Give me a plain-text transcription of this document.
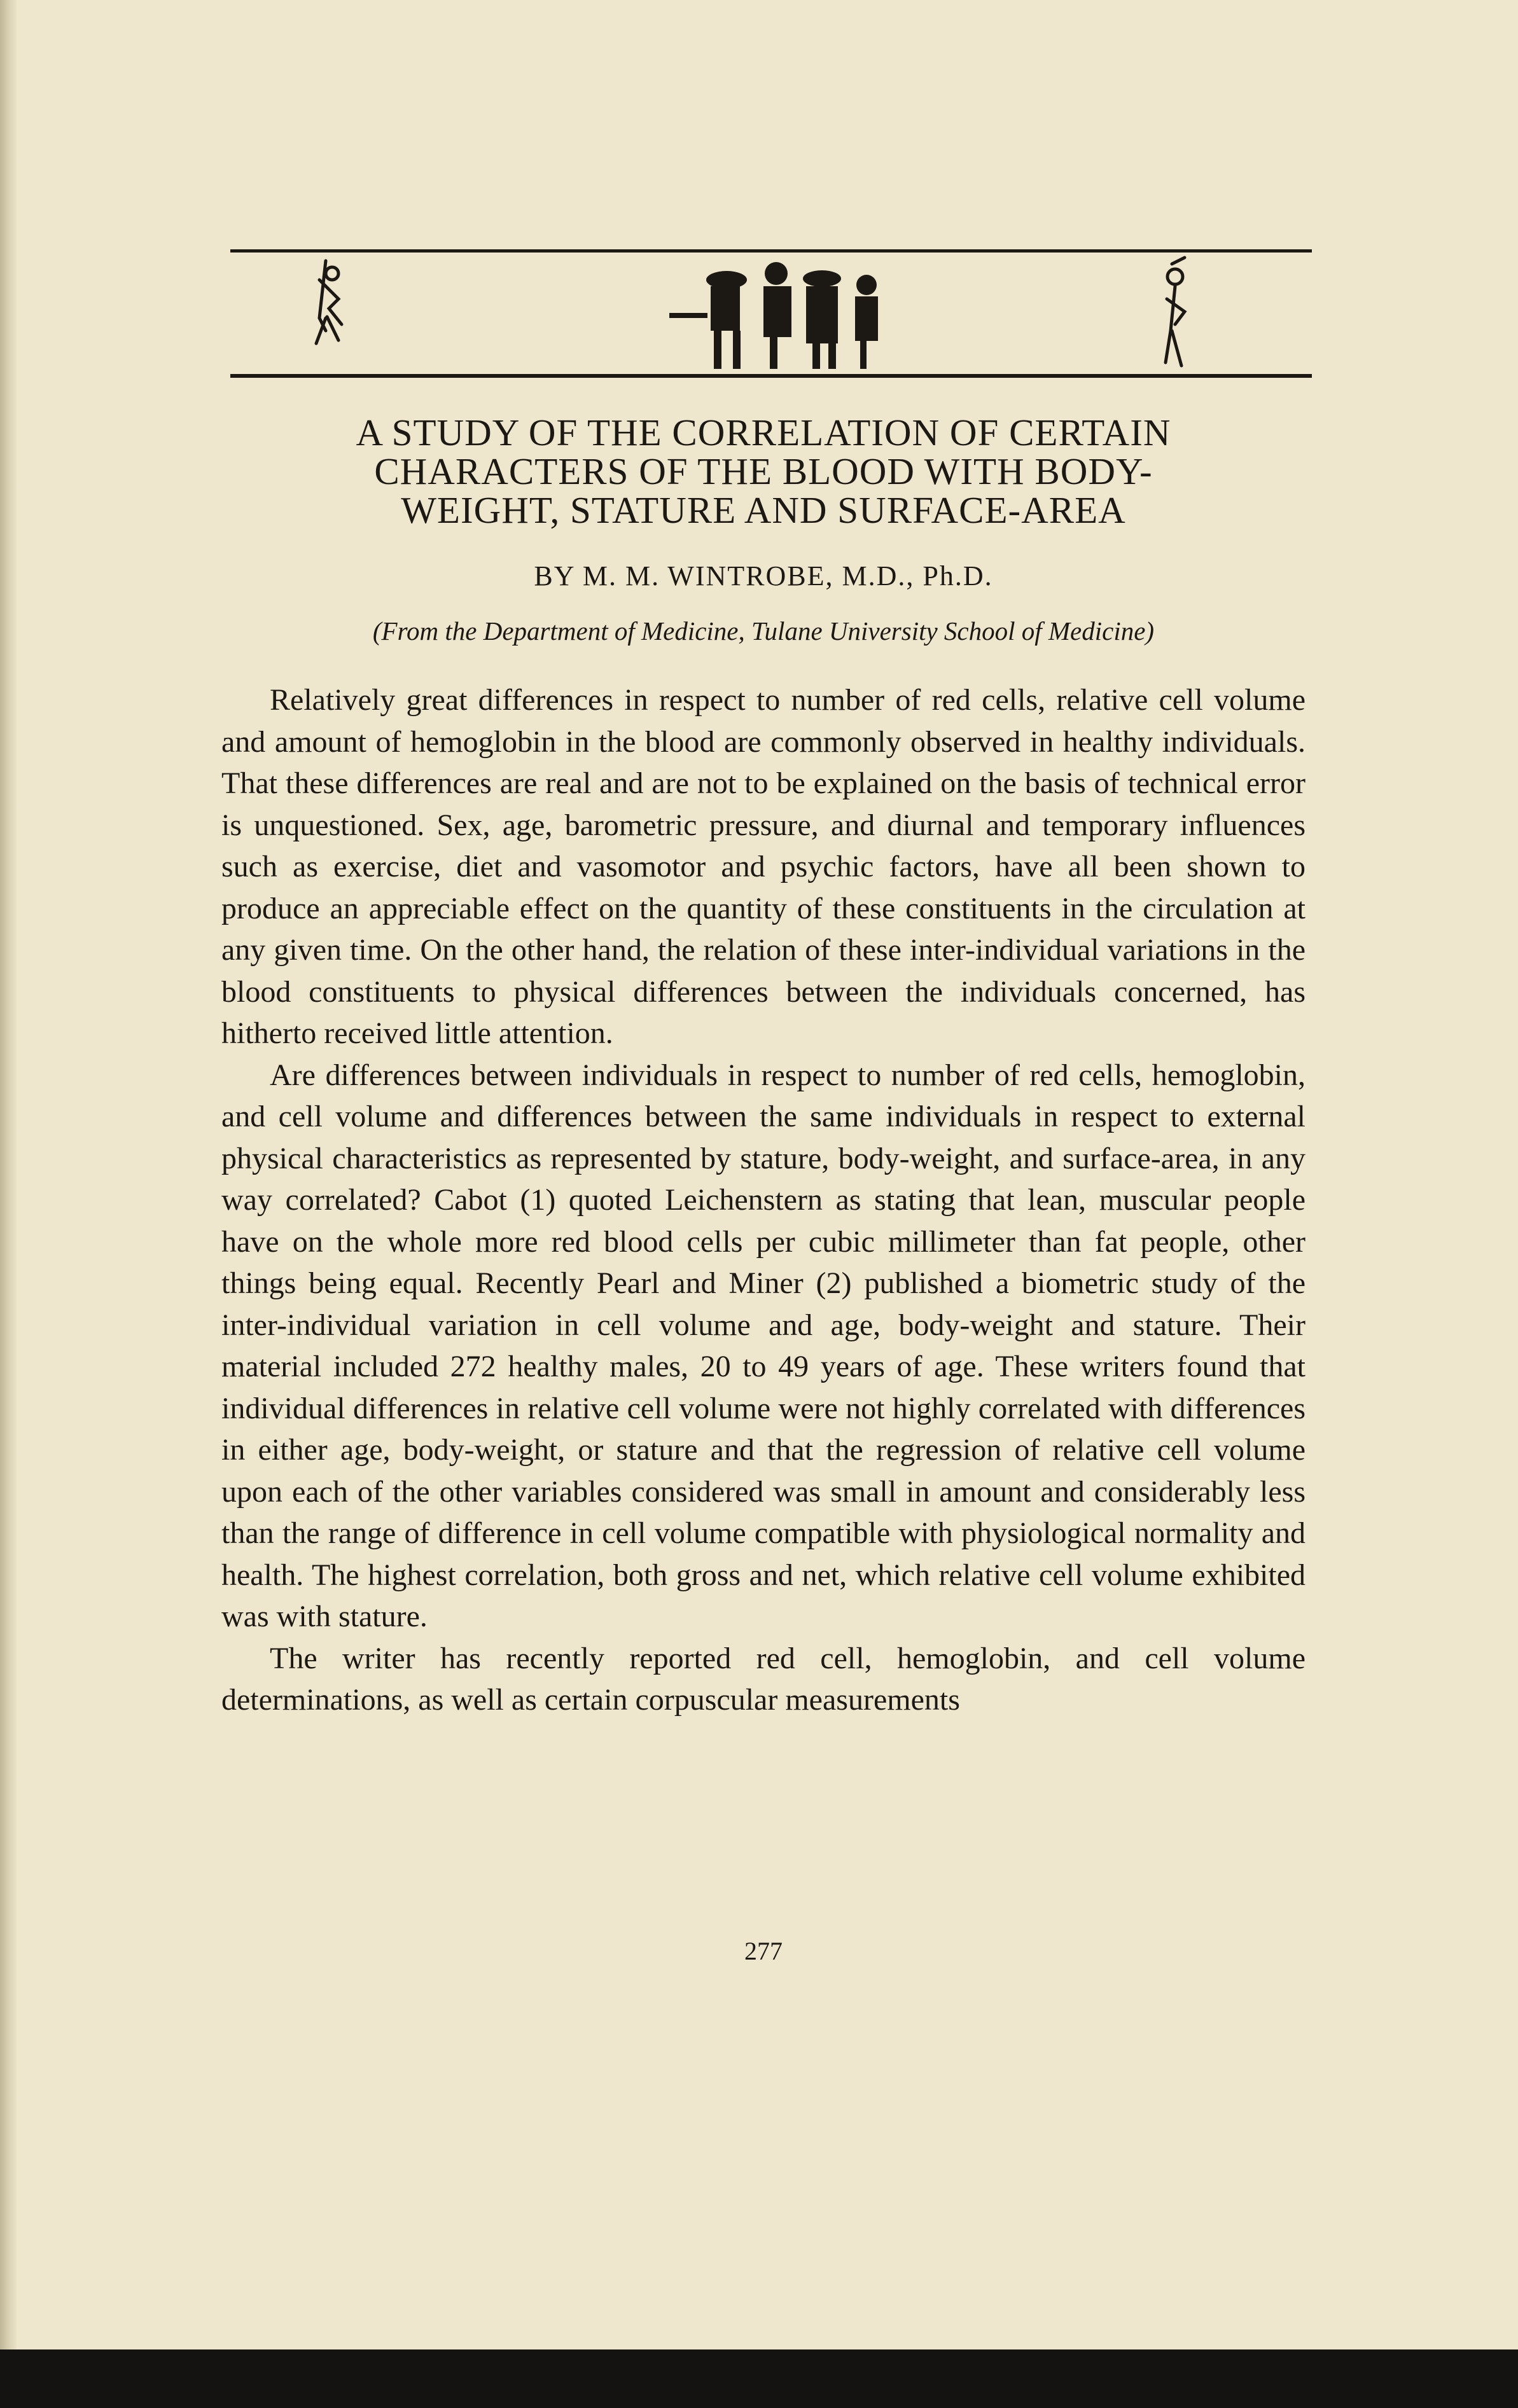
A STUDY OF THE CORRELATION OF CERTAIN
CHARACTERS OF THE BLOOD WITH BODY-
WEIGHT, STATURE AND SURFACE-AREA
BY M. M. WINTROBE, M.D., Ph.D.
(From the Department of Medicine, Tulane University School of Medicine)

Relatively great differences in respect to number of red cells, relative cell volume and amount of hemoglobin in the blood are commonly observed in healthy individuals. That these differences are real and are not to be explained on the basis of technical error is unquestioned. Sex, age, barometric pressure, and diurnal and temporary influences such as exercise, diet and vasomotor and psychic factors, have all been shown to produce an appreciable effect on the quantity of these constituents in the circulation at any given time. On the other hand, the relation of these inter-individual variations in the blood constituents to physical differences between the individuals concerned, has hitherto received little attention.

Are differences between individuals in respect to number of red cells, hemoglobin, and cell volume and differences between the same individuals in respect to external physical characteristics as represented by stature, body-weight, and surface-area, in any way correlated? Cabot (1) quoted Leichenstern as stating that lean, muscular people have on the whole more red blood cells per cubic millimeter than fat people, other things being equal. Recently Pearl and Miner (2) published a biometric study of the inter-individual variation in cell volume and age, body-weight and stature. Their material included 272 healthy males, 20 to 49 years of age. These writers found that individual differences in relative cell volume were not highly correlated with differences in either age, body-weight, or stature and that the regression of relative cell volume upon each of the other variables considered was small in amount and considerably less than the range of difference in cell volume compatible with physiological normality and health. The highest correlation, both gross and net, which relative cell volume exhibited was with stature.

The writer has recently reported red cell, hemoglobin, and cell volume determinations, as well as certain corpuscular measurements

277
